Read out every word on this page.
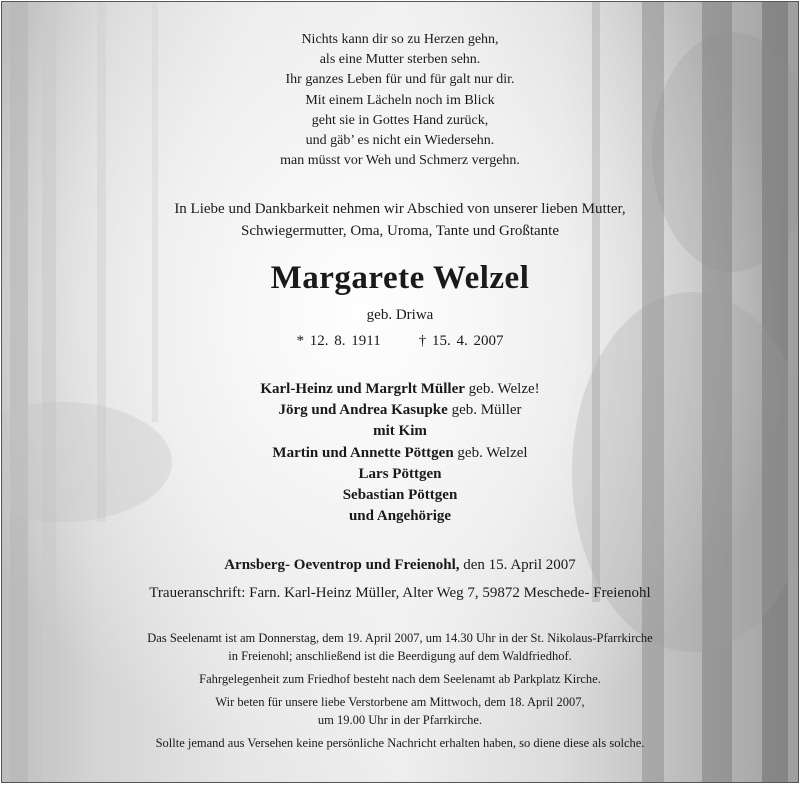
Nichts kann dir so zu Herzen gehn,
als eine Mutter sterben sehn.
Ihr ganzes Leben für und für galt nur dir.
Mit einem Lächeln noch im Blick
geht sie in Gottes Hand zurück,
und gäb’ es nicht ein Wiedersehn.
man müsst vor Weh und Schmerz vergehn.
In Liebe und Dankbarkeit nehmen wir Abschied von unserer lieben Mutter,
Schwiegermutter, Oma, Uroma, Tante und Großtante
Margarete Welzel
geb. Driwa
* 12. 8. 1911	† 15. 4. 2007
Karl-Heinz und Margrlt Müller geb. Welze!
Jörg und Andrea Kasupke geb. Müller
mit Kim
Martin und Annette Pöttgen geb. Welzel
Lars Pöttgen
Sebastian Pöttgen
und Angehörige
Arnsberg- Oeventrop und Freienohl, den 15. April 2007
Traueranschrift: Farn. Karl-Heinz Müller, Alter Weg 7, 59872 Meschede- Freienohl

Das Seelenamt ist am Donnerstag, dem 19. April 2007, um 14.30 Uhr in der St. Nikolaus-Pfarrkirche
in Freienohl; anschließend ist die Beerdigung auf dem Waldfriedhof.

Fahrgelegenheit zum Friedhof besteht nach dem Seelenamt ab Parkplatz Kirche.

Wir beten für unsere liebe Verstorbene am Mittwoch, dem 18. April 2007,
um 19.00 Uhr in der Pfarrkirche.

Sollte jemand aus Versehen keine persönliche Nachricht erhalten haben, so diene diese als solche.
